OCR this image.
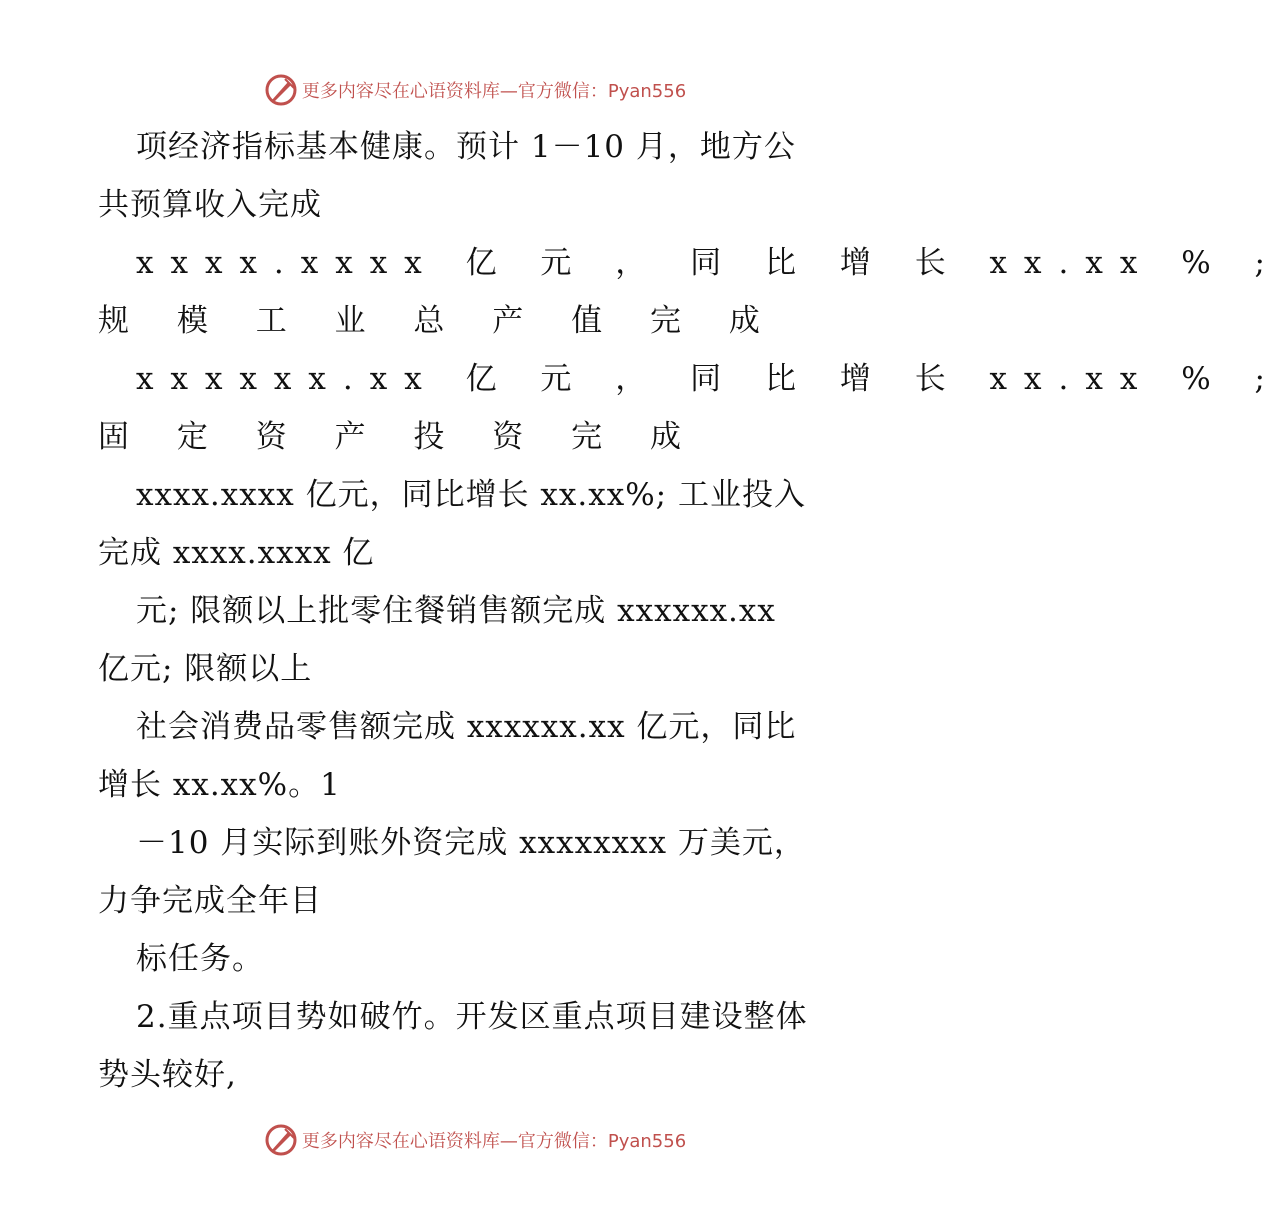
更多内容尽在心语资料库—官方微信：Pyan556
项经济指标基本健康。预计 1－10 月，地方公
共预算收入完成
xxxx.xxxx 亿 元 ， 同 比 增 长 xx.xx % ;
规 模 工 业 总 产 值 完 成
xxxxxx.xx 亿 元 ， 同 比 增 长 xx.xx % ;
固 定 资 产 投 资 完 成
xxxx.xxxx 亿元，同比增长 xx.xx%; 工业投入
完成 xxxx.xxxx 亿
元; 限额以上批零住餐销售额完成 xxxxxx.xx
亿元; 限额以上
社会消费品零售额完成 xxxxxx.xx 亿元，同比
增长 xx.xx%。1
－10 月实际到账外资完成 xxxxxxxx 万美元，
力争完成全年目
标任务。
2.重点项目势如破竹。开发区重点项目建设整体
势头较好,
更多内容尽在心语资料库—官方微信：Pyan556
